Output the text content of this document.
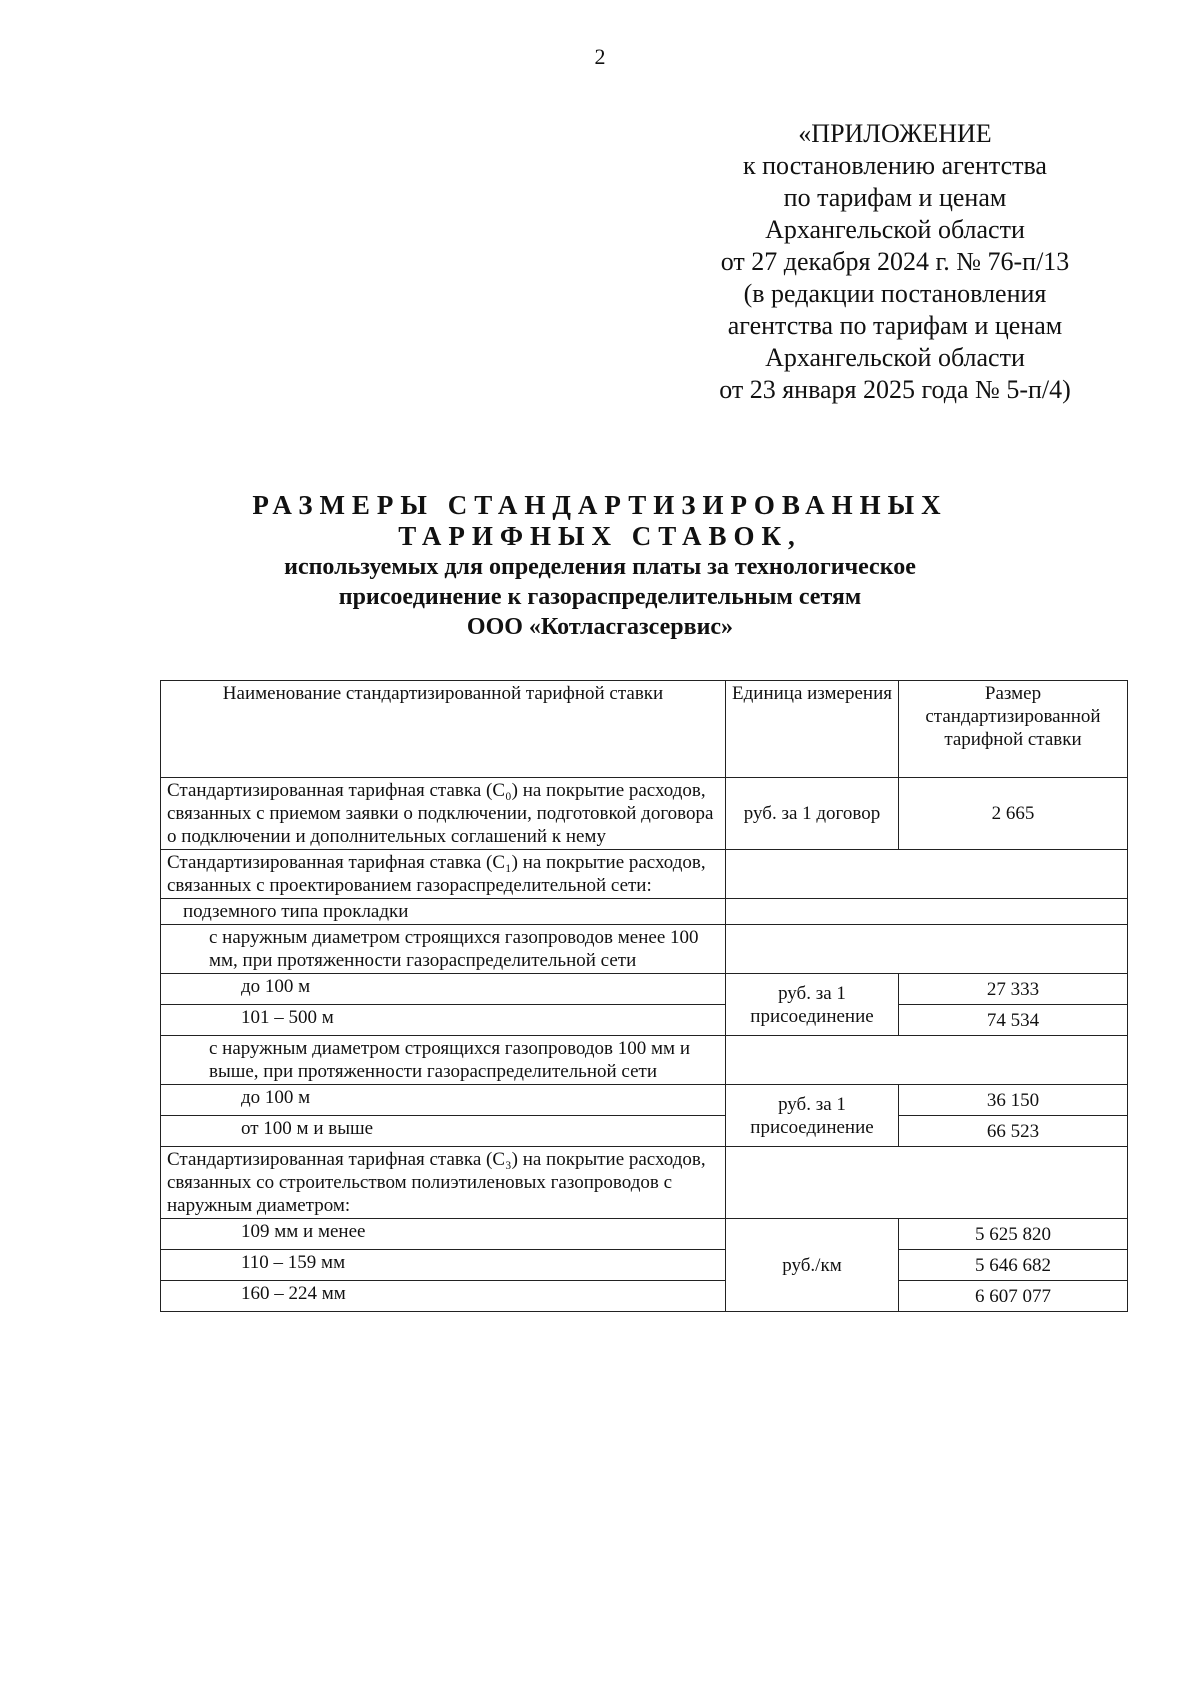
2
«ПРИЛОЖЕНИЕ
к постановлению агентства
по тарифам и ценам
Архангельской области
от 27 декабря 2024 г. № 76-п/13
(в редакции постановления
агентства по тарифам и ценам
Архангельской области
от 23 января 2025 года № 5-п/4)
РАЗМЕРЫ СТАНДАРТИЗИРОВАННЫХ
ТАРИФНЫХ СТАВОК,
используемых для определения платы за технологическое
присоединение к газораспределительным сетям
ООО «Котласгазсервис»
Наименование стандартизированной тарифной ставки	Единица измерения	Размер стандартизированной тарифной ставки
Стандартизированная тарифная ставка (C₀) на покрытие расходов, связанных с приемом заявки о подключении, подготовкой договора о подключении и дополнительных соглашений к нему	руб. за 1 договор	2 665
Стандартизированная тарифная ставка (C₁) на покрытие расходов, связанных с проектированием газораспределительной сети:		
подземного типа прокладки		
с наружным диаметром строящихся газопроводов менее 100 мм, при протяженности газораспределительной сети		
до 100 м	руб. за 1 присоединение	27 333
101 – 500 м		74 534
с наружным диаметром строящихся газопроводов 100 мм и выше, при протяженности газораспределительной сети		
до 100 м	руб. за 1 присоединение	36 150
от 100 м и выше		66 523
Стандартизированная тарифная ставка (C₃) на покрытие расходов, связанных со строительством полиэтиленовых газопроводов с наружным диаметром:		
109 мм и менее	руб./км	5 625 820
110 – 159 мм		5 646 682
160 – 224 мм		6 607 077
